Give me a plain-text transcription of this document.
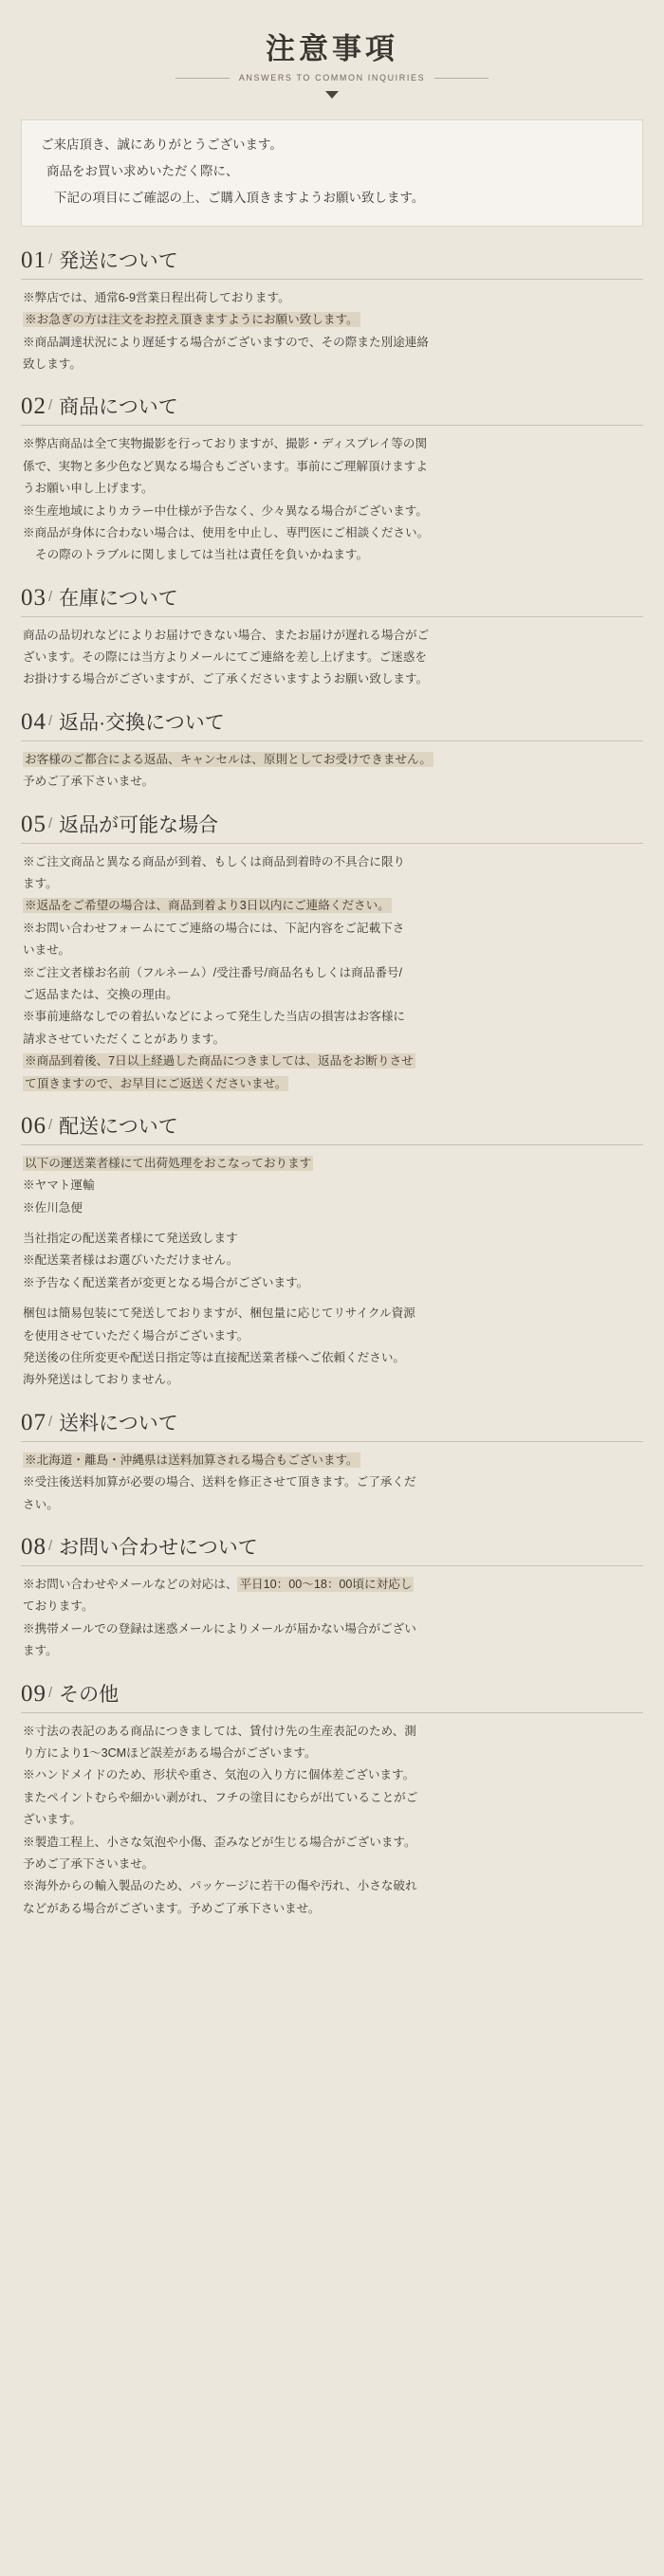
注意事項
ANSWERS TO COMMON INQUIRIES

ご来店頂き、誠にありがとうございます。

商品をお買い求めいただく際に、

下記の項目にご確認の上、ご購入頂きますようお願い致します。

01 / 発送について

※弊店では、通常6-9営業日程出荷しております。

※お急ぎの方は注文をお控え頂きますようにお願い致します。

※商品調達状況により遅延する場合がございますので、その際また別途連絡

致します。

02 / 商品について

※弊店商品は全て実物撮影を行っておりますが、撮影・ディスプレイ等の関

係で、実物と多少色など異なる場合もございます。事前にご理解頂けますよ

うお願い申し上げます。

※生産地域によりカラー中仕様が予告なく、少々異なる場合がございます。

※商品が身体に合わない場合は、使用を中止し、専門医にご相談ください。

その際のトラブルに関しましては当社は責任を負いかねます。

03 / 在庫について

商品の品切れなどによりお届けできない場合、またお届けが遅れる場合がご

ざいます。その際には当方よりメールにてご連絡を差し上げます。ご迷惑を

お掛けする場合がございますが、ご了承くださいますようお願い致します。

04 / 返品·交換について

お客様のご都合による返品、キャンセルは、原則としてお受けできません。

予めご了承下さいませ。

05 / 返品が可能な場合

※ご注文商品と異なる商品が到着、もしくは商品到着時の不具合に限り

ます。

※返品をご希望の場合は、商品到着より3日以内にご連絡ください。

※お問い合わせフォームにてご連絡の場合には、下記内容をご記載下さ

いませ。

※ご注文者様お名前（フルネーム）/受注番号/商品名もしくは商品番号/

ご返品または、交換の理由。

※事前連絡なしでの着払いなどによって発生した当店の損害はお客様に

請求させていただくことがあります。

※商品到着後、7日以上経過した商品につきましては、返品をお断りさせ

て頂きますので、お早目にご返送くださいませ。

06 / 配送について

以下の運送業者様にて出荷処理をおこなっております

※ヤマト運輸

※佐川急便

当社指定の配送業者様にて発送致します

※配送業者様はお選びいただけません。

※予告なく配送業者が変更となる場合がございます。

梱包は簡易包装にて発送しておりますが、梱包量に応じてリサイクル資源

を使用させていただく場合がございます。

発送後の住所変更や配送日指定等は直接配送業者様へご依頼ください。

海外発送はしておりません。

07 / 送料について

※北海道・離島・沖縄県は送料加算される場合もございます。

※受注後送料加算が必要の場合、送料を修正させて頂きます。ご了承くだ

さい。

08 / お問い合わせについて

※お問い合わせやメールなどの対応は、 平日10：00～18：00頃に対応し

ております。

※携帯メールでの登録は迷惑メールによりメールが届かない場合がござい

ます。

09 / その他

※寸法の表記のある商品につきましては、賃付け先の生産表記のため、測

り方により1～3CMほど誤差がある場合がございます。

※ハンドメイドのため、形状や重さ、気泡の入り方に個体差ございます。

またペイントむらや細かい剥がれ、フチの塗目にむらが出ていることがご

ざいます。

※製造工程上、小さな気泡や小傷、歪みなどが生じる場合がございます。

予めご了承下さいませ。

※海外からの輸入製品のため、パッケージに若干の傷や汚れ、小さな破れ

などがある場合がございます。予めご了承下さいませ。
